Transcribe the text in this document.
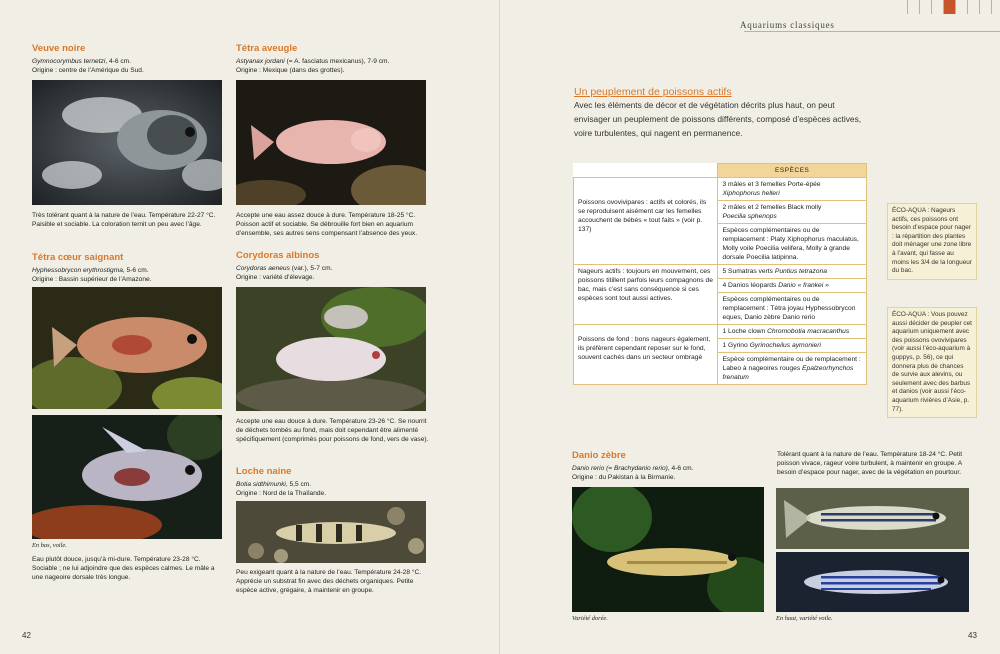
Veuve noire
Gymnocorymbus ternetzi, 4-6 cm.
Origine : centre de l’Amérique du Sud.
Très tolérant quant à la nature de l’eau. Température 22-27 °C. Paisible et sociable. La coloration ternit un peu avec l’âge.
Tétra aveugle
Astyanax jordani (= A. fasciatus mexicanus), 7-9 cm.
Origine : Mexique (dans des grottes).
Accepte une eau assez douce à dure. Température 18-25 °C. Poisson actif et sociable. Se débrouille fort bien en aquarium d’ensemble, ses autres sens compensant l’absence des yeux.
Tétra cœur saignant
Hyphessobrycon erythrostigma, 5-6 cm.
Origine : Bassin supérieur de l’Amazone.
En bas, voile.
Eau plutôt douce, jusqu’à mi-dure. Température 23-28 °C. Sociable ; ne lui adjoindre que des espèces calmes. Le mâle a une nageoire dorsale très longue.
Corydoras albinos
Corydoras aeneus (var.), 5-7 cm.
Origine : variété d’élevage.
Accepte une eau douce à dure. Température 23-26 °C. Se nourrit de déchets tombés au fond, mais doit cependant être alimenté spécifiquement (comprimés pour poissons de fond, vers de vase).
Loche naine
Botia sidthimunki, 5,5 cm.
Origine : Nord de la Thaïlande.
Peu exigeant quant à la nature de l’eau. Température 24-28 °C. Apprécie un substrat fin avec des déchets organiques. Petite espèce active, grégaire, à maintenir en groupe.
42
Aquariums classiques
Un peuplement de poissons actifs
Avec les éléments de décor et de végétation décrits plus haut, on peut envisager un peuplement de poissons différents, composé d’espèces actives, voire turbulentes, qui nagent en permanence.
	ESPÈCES
Poissons ovovivipares : actifs et colorés, ils se reproduisent aisément car les femelles accouchent de bébés « tout faits » (voir p. 137)	3 mâles et 3 femelles Porte-épée
Xiphophorus helleri
	2 mâles et 2 femelles Black molly
Poecilia sphenops
	Espèces complémentaires ou de remplacement : Platy Xiphophorus maculatus, Molly voile Poecilia velifera, Molly à grande dorsale Poecilia latipinna.
Nageurs actifs : toujours en mouvement, ces poissons titillent parfois leurs compagnons de bac, mais c’est sans conséquence si ces espèces sont tout aussi actives.	5 Sumatras verts Puntius tetrazona
	4 Danios léopards Danio « frankei »
	Espèces complémentaires ou de remplacement : Tétra joyau Hyphessobrycon eques, Danio zèbre Danio rerio
Poissons de fond : bons nageurs également, ils préfèrent cependant reposer sur le fond, souvent cachés dans un secteur ombragé	1 Loche clown Chromobotia macracanthus
	1 Gyrino Gyrinocheilus aymonieri
	Espèce complémentaire ou de remplacement : Labeo à nageoires rouges Epalzeorhynchos frenatum
ÉCO-AQUA : Nageurs actifs, ces poissons ont besoin d’espace pour nager : la répartition des plantes doit ménager une zone libre à l’avant, qui fasse au moins les 3/4 de la longueur du bac.
ÉCO-AQUA : Vous pouvez aussi décider de peupler cet aquarium uniquement avec des poissons ovovivipares (voir aussi l’éco-aquarium à guppys, p. 56), ce qui donnera plus de chances de survie aux alevins, ou seulement avec des barbus et danios (voir aussi l’éco-aquarium rivières d’Asie, p. 77).
Danio zèbre
Danio rerio (= Brachydanio rerio), 4-6 cm.
Origine : du Pakistan à la Birmanie.
Tolérant quant à la nature de l’eau. Température 18-24 °C. Petit poisson vivace, rageur voire turbulent, à maintenir en groupe. A besoin d’espace pour nager, avec de la végétation en pourtour.
Variété dorée.	En haut, variété voile.
43
